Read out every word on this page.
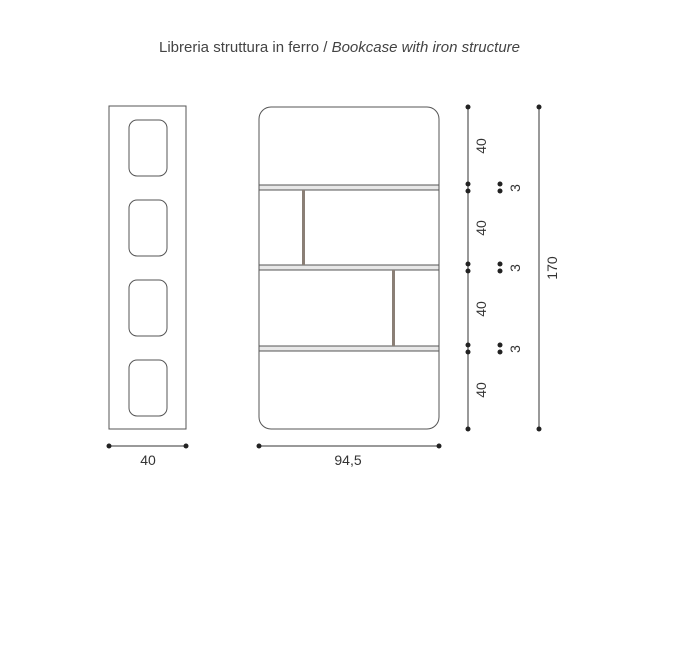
Libreria struttura in ferro / Bookcase with iron structure
40	94,5
40
40
40
40
3
3
3
170
